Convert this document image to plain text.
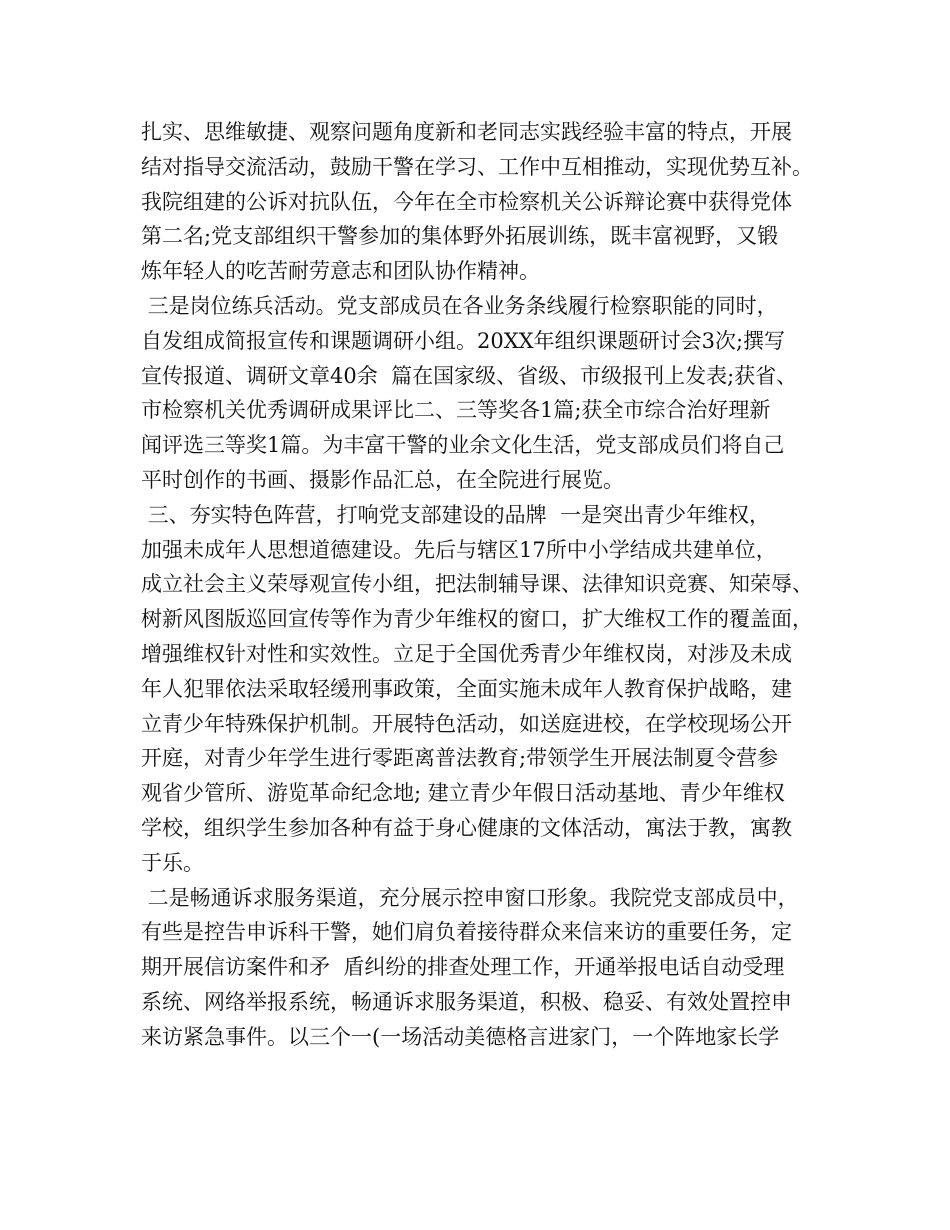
扎实、思维敏捷、观察问题角度新和老同志实践经验丰富的特点，开展
结对指导交流活动，鼓励干警在学习、工作中互相推动，实现优势互补。
我院组建的公诉对抗队伍，今年在全市检察机关公诉辩论赛中获得党体
第二名;党支部组织干警参加的集体野外拓展训练，既丰富视野，又锻
炼年轻人的吃苦耐劳意志和团队协作精神。
三是岗位练兵活动。党支部成员在各业务条线履行检察职能的同时，
自发组成简报宣传和课题调研小组。20XX年组织课题研讨会3次;撰写
宣传报道、调研文章40余  篇在国家级、省级、市级报刊上发表;获省、
市检察机关优秀调研成果评比二、三等奖各1篇;获全市综合治好理新
闻评选三等奖1篇。为丰富干警的业余文化生活，党支部成员们将自己
平时创作的书画、摄影作品汇总，在全院进行展览。
三、夯实特色阵营，打响党支部建设的品牌  一是突出青少年维权，
加强未成年人思想道德建设。先后与辖区17所中小学结成共建单位，
成立社会主义荣辱观宣传小组，把法制辅导课、法律知识竞赛、知荣辱、
树新风图版巡回宣传等作为青少年维权的窗口，扩大维权工作的覆盖面，
增强维权针对性和实效性。立足于全国优秀青少年维权岗，对涉及未成
年人犯罪依法采取轻缓刑事政策，全面实施未成年人教育保护战略，建
立青少年特殊保护机制。开展特色活动，如送庭进校，在学校现场公开
开庭，对青少年学生进行零距离普法教育;带领学生开展法制夏令营参
观省少管所、游览革命纪念地; 建立青少年假日活动基地、青少年维权
学校，组织学生参加各种有益于身心健康的文体活动，寓法于教，寓教
于乐。
二是畅通诉求服务渠道，充分展示控申窗口形象。我院党支部成员中，
有些是控告申诉科干警，她们肩负着接待群众来信来访的重要任务，定
期开展信访案件和矛  盾纠纷的排查处理工作，开通举报电话自动受理
系统、网络举报系统，畅通诉求服务渠道，积极、稳妥、有效处置控申
来访紧急事件。以三个一(一场活动美德格言进家门，一个阵地家长学
